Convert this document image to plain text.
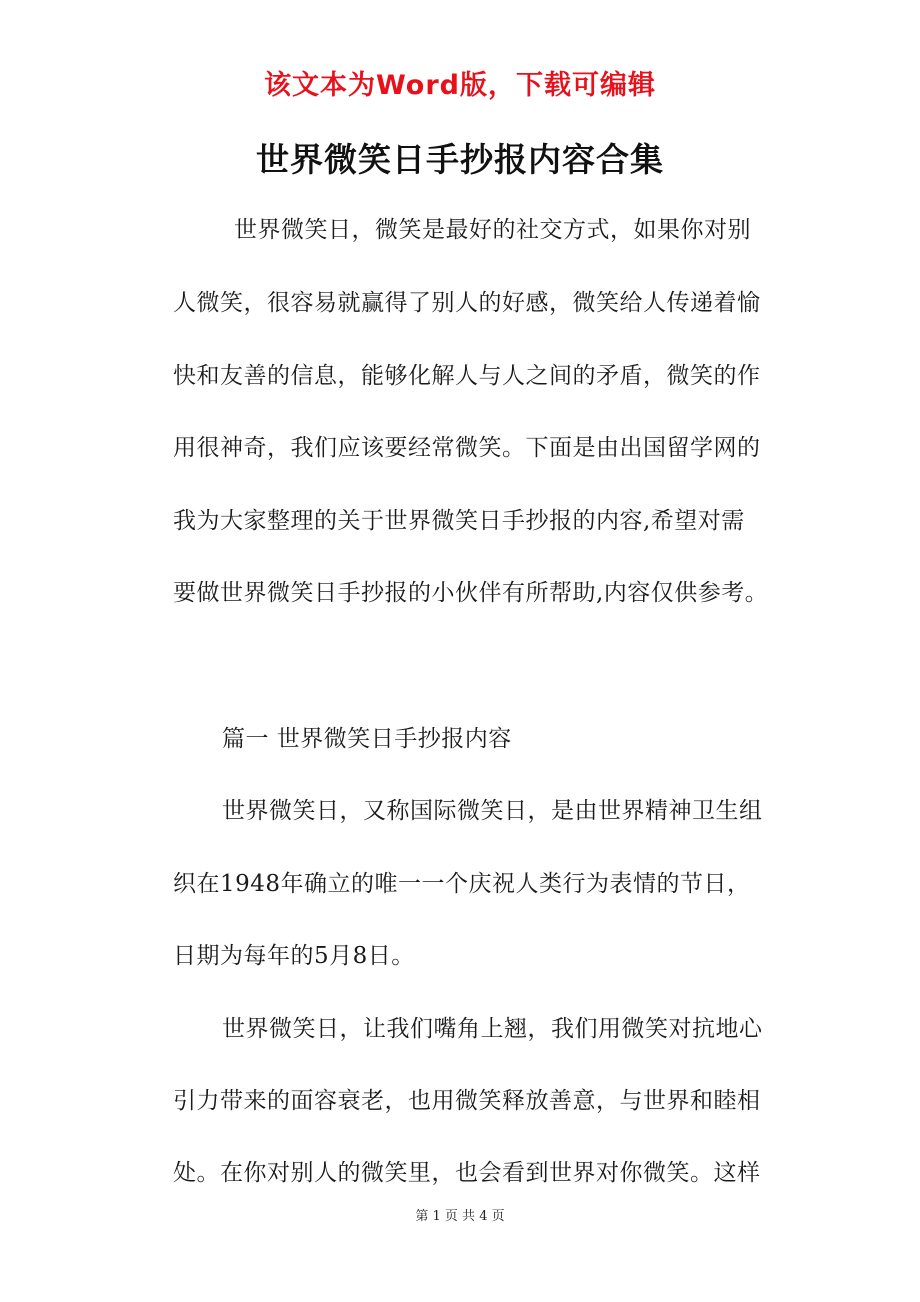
该文本为Word版，下载可编辑
世界微笑日手抄报内容合集
世界微笑日，微笑是最好的社交方式，如果你对别
人微笑，很容易就赢得了别人的好感，微笑给人传递着愉
快和友善的信息，能够化解人与人之间的矛盾，微笑的作
用很神奇，我们应该要经常微笑。下面是由出国留学网的
我为大家整理的关于世界微笑日手抄报的内容,希望对需
要做世界微笑日手抄报的小伙伴有所帮助,内容仅供参考。
篇一 世界微笑日手抄报内容
世界微笑日，又称国际微笑日，是由世界精神卫生组
织在1948年确立的唯一一个庆祝人类行为表情的节日，
日期为每年的5月8日。
世界微笑日，让我们嘴角上翘，我们用微笑对抗地心
引力带来的面容衰老，也用微笑释放善意，与世界和睦相
处。在你对别人的微笑里，也会看到世界对你微笑。这样
第 1 页 共 4 页
